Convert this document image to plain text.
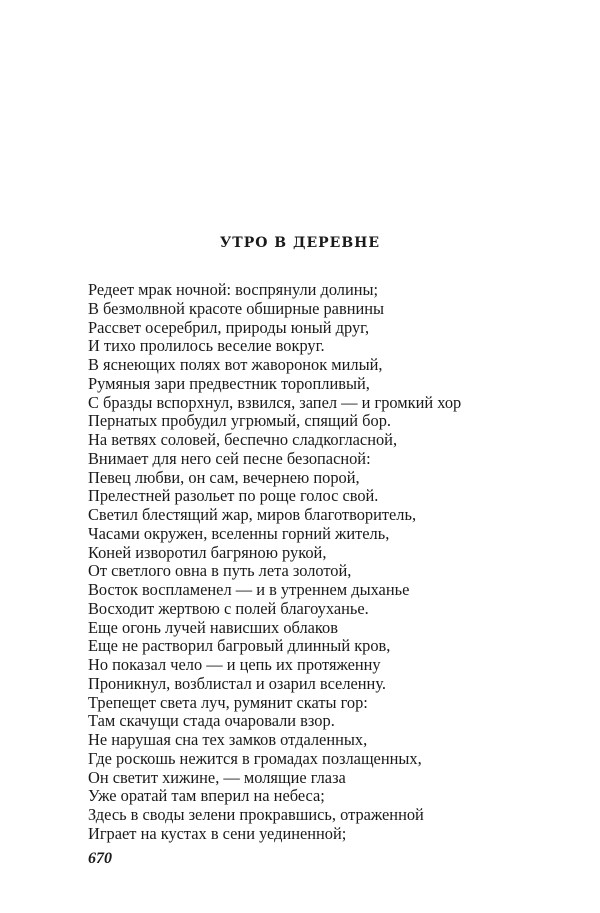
УТРО В ДЕРЕВНЕ
Редеет мрак ночной: воспрянули долины;
В безмолвной красоте обширные равнины
Рассвет осеребрил, природы юный друг,
И тихо пролилось веселие вокруг.
В яснеющих полях вот жаворонок милый,
Румяныя зари предвестник торопливый,
С бразды вспорхнул, взвился, запел — и громкий хор
Пернатых пробудил угрюмый, спящий бор.
На ветвях соловей, беспечно сладкогласной,
Внимает для него сей песне безопасной:
Певец любви, он сам, вечернею порой,
Прелестней разольет по роще голос свой.
Светил блестящий жар, миров благотворитель,
Часами окружен, вселенны горний житель,
Коней изворотил багряною рукой,
От светлого овна в путь лета золотой,
Восток воспламенел — и в утреннем дыханье
Восходит жертвою с полей благоуханье.
Еще огонь лучей нависших облаков
Еще не растворил багровый длинный кров,
Но показал чело — и цепь их протяженну
Проникнул, возблистал и озарил вселенну.
Трепещет света луч, румянит скаты гор:
Там скачущи стада очаровали взор.
Не нарушая сна тех замков отдаленных,
Где роскошь нежится в громадах позлащенных,
Он светит хижине, — молящие глаза
Уже оратай там вперил на небеса;
Здесь в своды зелени прокравшись, отраженной
Играет на кустах в сени уединенной;
670
